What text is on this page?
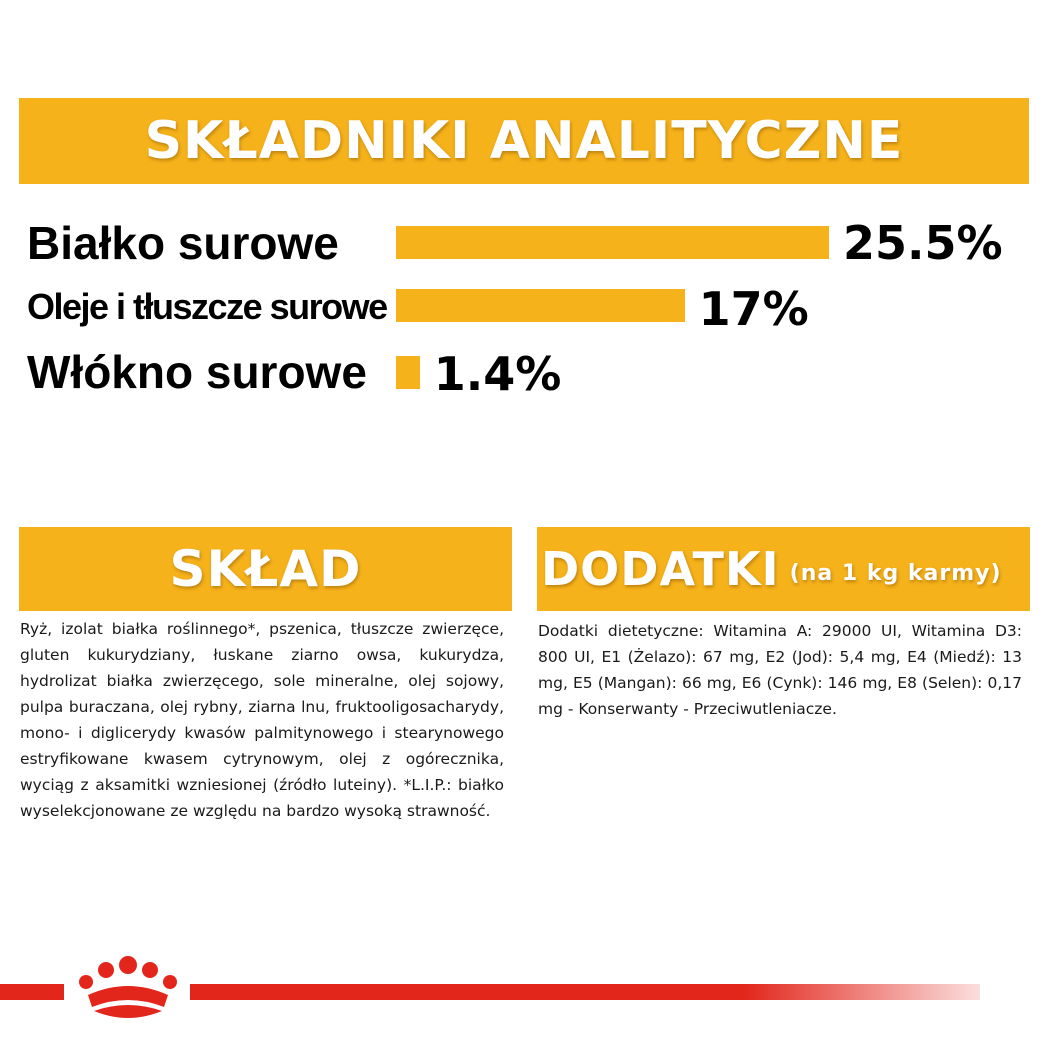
SKŁADNIKI ANALITYCZNE
Białko surowe	25.5%
Oleje i tłuszcze surowe	17%
Włókno surowe 1.4%
SKŁAD
Ryż, izolat białka roślinnego*, pszenica, tłuszcze zwierzęce, gluten kukurydziany, łuskane ziarno owsa, kukurydza, hydrolizat białka zwierzęcego, sole mineralne, olej sojowy, pulpa buraczana, olej rybny, ziarna lnu, fruktooligosacharydy, mono- i diglicerydy kwasów palmitynowego i stearynowego estryfikowane kwasem cytrynowym, olej z ogórecznika, wyciąg z aksamitki wzniesionej (źródło luteiny). *L.I.P.: białko wyselekcjonowane ze względu na bardzo wysoką strawność.
DODATKI (na 1 kg karmy)
Dodatki dietetyczne: Witamina A: 29000 UI, Witamina D3: 800 UI, E1 (Żelazo): 67 mg, E2 (Jod): 5,4 mg, E4 (Miedź): 13 mg, E5 (Mangan): 66 mg, E6 (Cynk): 146 mg, E8 (Selen): 0,17 mg - Konserwanty - Przeciwutleniacze.
